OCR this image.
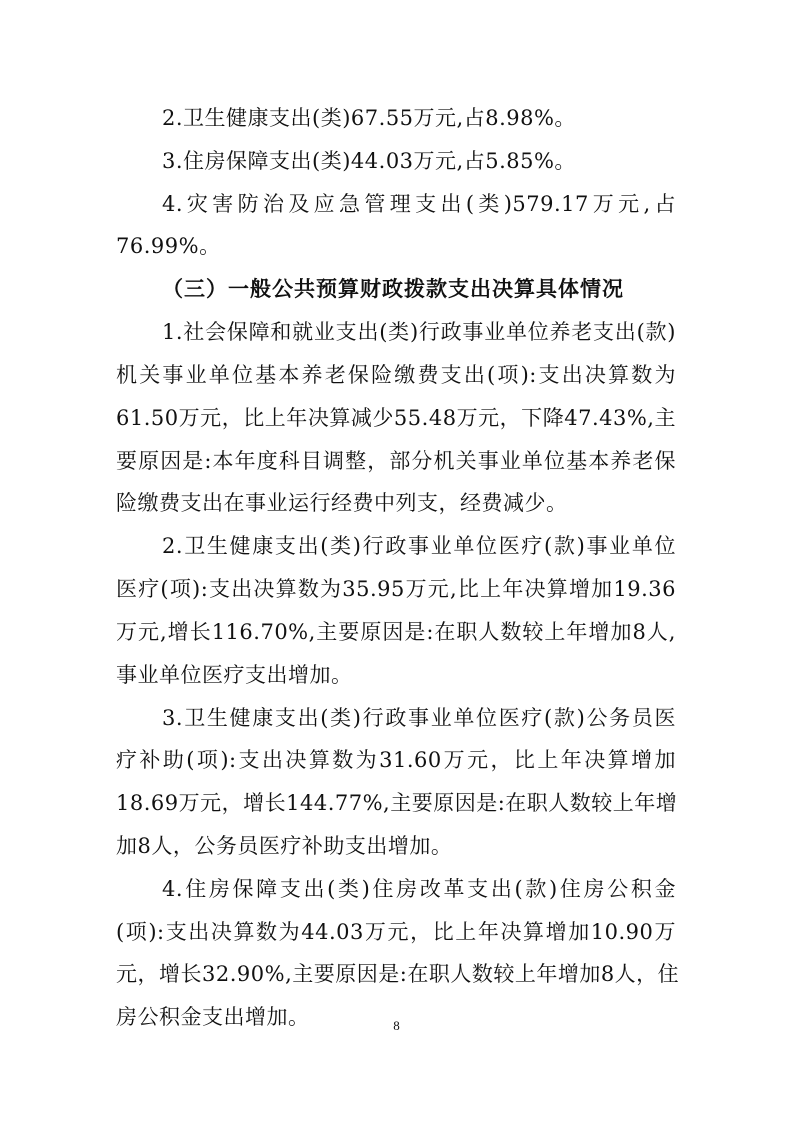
2.卫生健康支出(类)67.55万元,占8.98%。
3.住房保障支出(类)44.03万元,占5.85%。
4.灾害防治及应急管理支出(类)579.17万元,占
76.99%。
（三）一般公共预算财政拨款支出决算具体情况
1.社会保障和就业支出(类)行政事业单位养老支出(款)
机关事业单位基本养老保险缴费支出(项):支出决算数为
61.50万元，比上年决算减少55.48万元，下降47.43%,主
要原因是:本年度科目调整，部分机关事业单位基本养老保
险缴费支出在事业运行经费中列支，经费减少。
2.卫生健康支出(类)行政事业单位医疗(款)事业单位
医疗(项):支出决算数为35.95万元,比上年决算增加19.36
万元,增长116.70%,主要原因是:在职人数较上年增加8人,
事业单位医疗支出增加。
3.卫生健康支出(类)行政事业单位医疗(款)公务员医
疗补助(项):支出决算数为31.60万元，比上年决算增加
18.69万元，增长144.77%,主要原因是:在职人数较上年增
加8人，公务员医疗补助支出增加。
4.住房保障支出(类)住房改革支出(款)住房公积金
(项):支出决算数为44.03万元，比上年决算增加10.90万
元，增长32.90%,主要原因是:在职人数较上年增加8人，住
房公积金支出增加。	8
